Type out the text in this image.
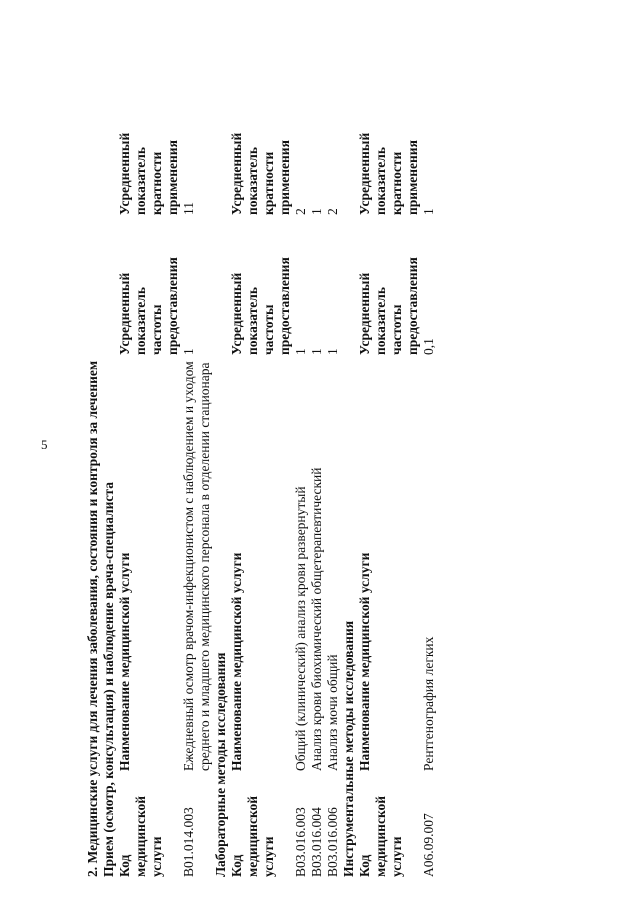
5	2. Медицинские услуги для лечения заболевания, состояния и контроля за лечением Прием (осмотр, консультация) и наблюдение врача-специалиста Код медицинской услуги	Наименование медицинской услуги	Усредненный показатель частоты предоставления	Усредненный показатель кратности применения

B01.014.003	Ежедневный осмотр врачом-инфекционистом с наблюдением и уходом среднего и младшего медицинского персонала в отделении стационара	1	11
Лабораторные методы исследования Код медицинской услуги	Наименование медицинской услуги	Усредненный показатель частоты предоставления	Усредненный показатель кратности применения

B03.016.003	Общий (клинический) анализ крови развернутый	1	2
B03.016.004	Анализ крови биохимический общетерапевтический	1	1
B03.016.006	Анализ мочи общий	1	2
Инструментальные методы исследования Код медицинской услуги	Наименование медицинской услуги	Усредненный показатель частоты предоставления	Усредненный показатель кратности применения

A06.09.007	Рентгенография легких	0,1	1
